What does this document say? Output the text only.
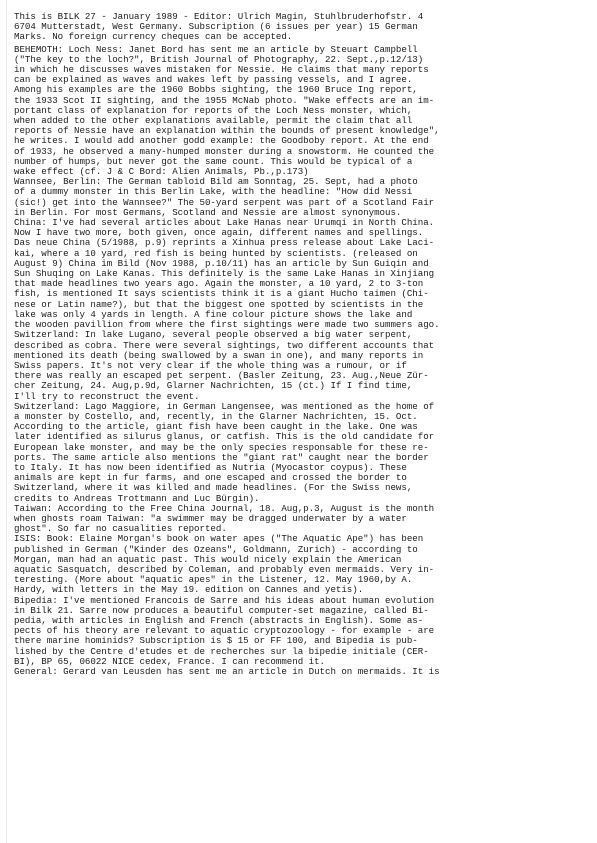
This is BILK 27 - January 1989 - Editor: Ulrich Magin, Stuhlbruderhofstr. 4
6704 Mutterstadt, West Germany. Subscription (6 issues per year) 15 German
Marks. No foreign currency cheques can be accepted.
BEHEMOTH: Loch Ness: Janet Bord has sent me an article by Steuart Campbell
("The key to the loch?", British Journal of Photography, 22. Sept.,p.12/13)
in which he discusses waves mistaken for Nessie. He claims that many reports
can be explained as waves and wakes left by passing vessels, and I agree.
Among his examples are the 1960 Bobbs sighting, the 1960 Bruce Ing report,
the 1933 Scot II sighting, and the 1955 McNab photo. "Wake effects are an im-
portant class of explanation for reports of the Loch Ness monster, which,
when added to the other explanations available, permit the claim that all
reports of Nessie have an explanation within the bounds of present knowledge",
he writes. I would add another godd example: the Goodboby report. At the end
of 1933, he observed a many-humped monster during a snowstorm. He counted the
number of humps, but never got the same count. This would be typical of a
wake effect (cf. J & C Bord: Alien Animals, Pb.,p.173)
Wannsee, Berlin: The German tabloid Bild am Sonntag, 25. Sept, had a photo
of a dummy monster in this Berlin Lake, with the headline: "How did Nessi
(sic!) get into the Wannsee?" The 50-yard serpent was part of a Scotland Fair
in Berlin. For most Germans, Scotland and Nessie are almost synonymous.
China: I've had several articles about Lake Hanas near Urumqi in North China.
Now I have two more, both given, once again, different names and spellings.
Das neue China (5/1988, p.9) reprints a Xinhua press release about Lake Laci-
kai, where a 10 yard, red fish is being hunted by scientists. (released on
August 9) China im Bild (Nov 1988, p.10/11) has an article by Sun Guiqin and
Sun Shuqing on Lake Kanas. This definitely is the same Lake Hanas in Xinjiang
that made headlines two years ago. Again the monster, a 10 yard, 2 to 3-ton
fish, is mentioned It says scientists think it is a giant Hucho taimen (Chi-
nese or Latin name?), but that the biggest one spotted by scientists in the
lake was only 4 yards in length. A fine colour picture shows the lake and
the wooden pavillion from where the first sightings were made two summers ago.
Switzerland: In lake Lugano, several people observed a big water serpent,
described as cobra. There were several sightings, two different accounts that
mentioned its death (being swallowed by a swan in one), and many reports in
Swiss papers. It's not very clear if the whole thing was a rumour, or if
there was really an escaped pet serpent. (Basler Zeitung, 23. Aug.,Neue Zür-
cher Zeitung, 24. Aug,p.9d, Glarner Nachrichten, 15 (ct.) If I find time,
I'll try to reconstruct the event.
Switzerland: Lago Maggiore, in German Langensee, was mentioned as the home of
a monster by Costello, and, recently, in the Glarner Nachrichten, 15. Oct.
According to the article, giant fish have been caught in the lake. One was
later identified as silurus glanus, or catfish. This is the old candidate for
European lake monster, and may be the only species responsable for these re-
ports. The same article also mentions the "giant rat" caught near the border
to Italy. It has now been identified as Nutria (Myocastor coypus). These
animals are kept in fur farms, and one escaped and crossed the border to
Switzerland, where it was killed and made headlines. (For the Swiss news,
credits to Andreas Trottmann and Luc Bürgin).
Taiwan: According to the Free China Journal, 18. Aug,p.3, August is the month
when ghosts roam Taiwan: "a swimmer may be dragged underwater by a water
ghost". So far no casualities reported.
ISIS: Book: Elaine Morgan's book on water apes ("The Aquatic Ape") has been
published in German ("Kinder des Ozeans", Goldmann, Zurich) - according to
Morgan, man had an aquatic past. This would nicely explain the American
aquatic Sasquatch, described by Coleman, and probably even mermaids. Very in-
teresting. (More about "aquatic apes" in the Listener, 12. May 1960,by A.
Hardy, with letters in the May 19. edition on Cannes and yetis).
Bipedia: I've mentioned Francois de Sarre and his ideas about human evolution
in Bilk 21. Sarre now produces a beautiful computer-set magazine, called Bi-
pedia, with articles in English and French (abstracts in English). Some as-
pects of his theory are relevant to aquatic cryptozoology - for example - are
there marine hominids? Subscription is $ 15 or FF 100, and Bipedia is pub-
lished by the Centre d'etudes et de recherches sur la bipedie initiale (CER-
BI), BP 65, 06022 NICE cedex, France. I can recommend it.
General: Gerard van Leusden has sent me an article in Dutch on mermaids. It is
